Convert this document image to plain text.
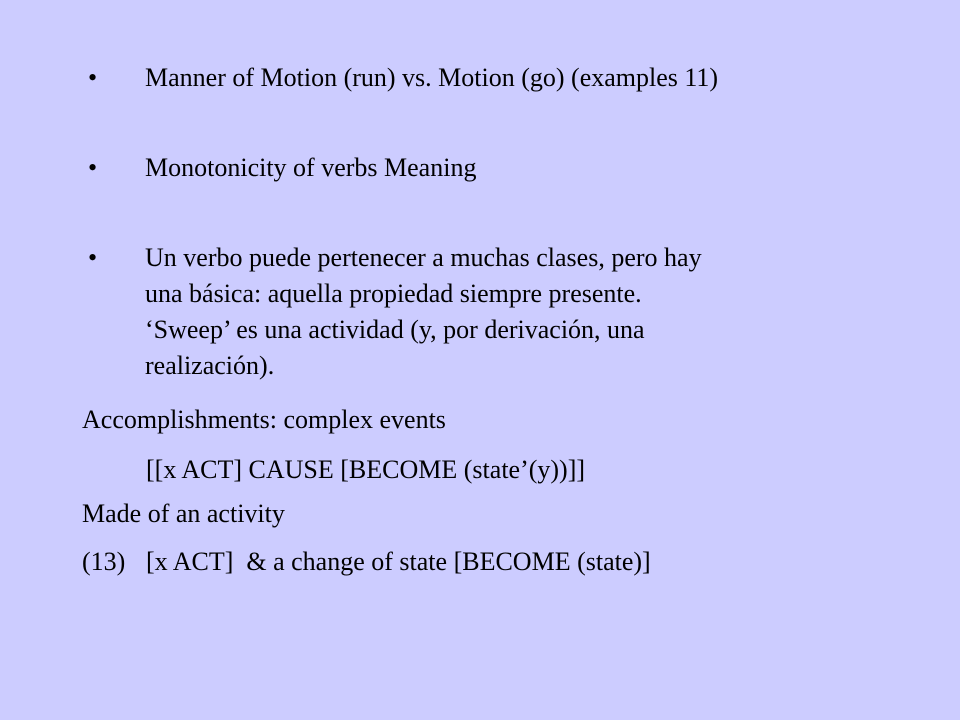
•	Manner of Motion (run) vs. Motion (go) (examples 11)
•	Monotonicity of verbs Meaning
•	Un verbo puede pertenecer a muchas clases, pero hay
una básica: aquella propiedad siempre presente.
‘Sweep’ es una actividad (y, por derivación, una
realización).
Accomplishments: complex events
[[x ACT] CAUSE [BECOME (state’(y))]]
Made of an activity
(13) [x ACT]  & a change of state [BECOME (state)]
